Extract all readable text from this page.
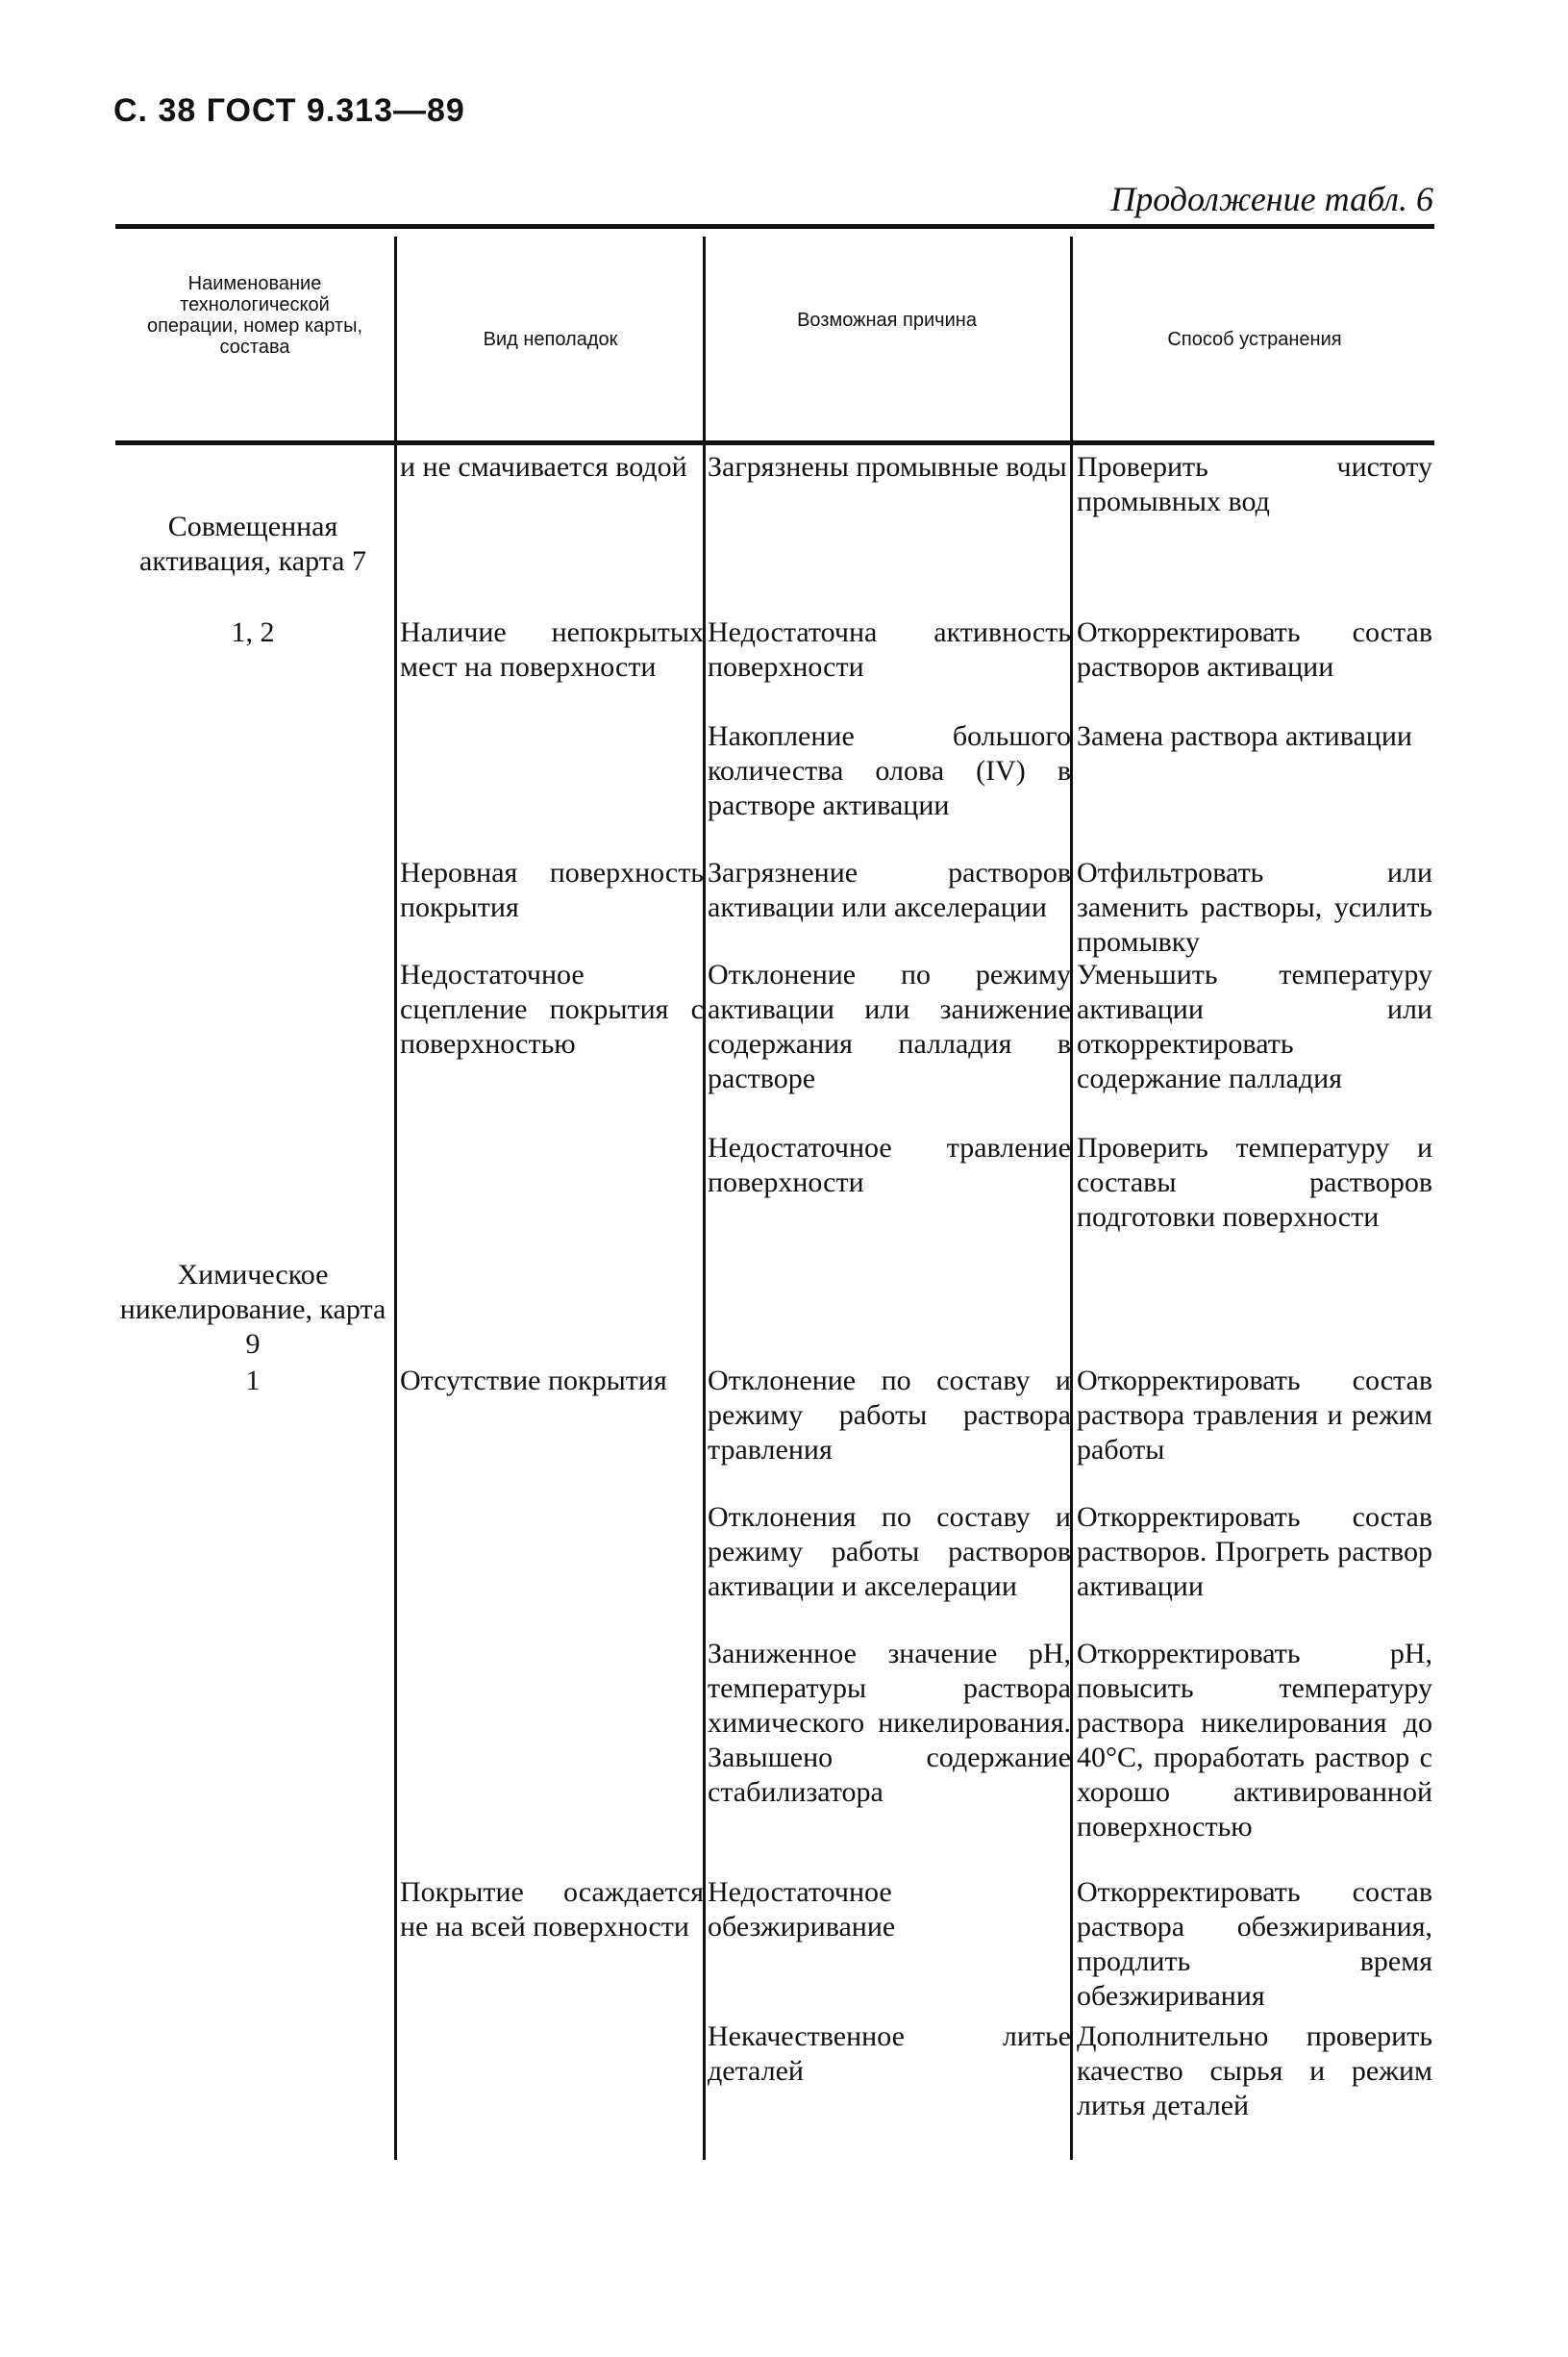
С. 38 ГОСТ 9.313—89
Продолжение табл. 6
Наименование технологической операции, номер карты, состава	Вид неполадок
Возможная причина
Способ устранения
Совмещенная активация, карта 7
1, 2
Химическое никелирование, карта 9
1
и не смачивается водой Загрязнены промывные воды Проверить чистоту промывных вод
Наличие непокрытых мест на поверхности
Недостаточна активность поверхности
Откорректировать состав растворов активации
Накопление большого количества олова (IV) в растворе активации
Замена раствора активации
Неровная поверхность покрытия
Загрязнение растворов активации или акселерации
Отфильтровать или заменить растворы, усилить промывку
Недостаточное сцепление покрытия с поверхностью
Отклонение по режиму активации или занижение содержания палладия в растворе
Уменьшить температуру активации или откорректировать содержание палладия
Недостаточное травление поверхности
Проверить температуру и составы растворов подготовки поверхности
Отсутствие покрытия	Отклонение по составу и режиму работы раствора травления
Откорректировать состав раствора травления и режим работы
Отклонения по составу и режиму работы растворов активации и акселерации
Откорректировать состав растворов. Прогреть раствор активации
Заниженное значение pH, температуры раствора химического никелирования. Завышено содержание стабилизатора
Откорректировать pH, повысить температуру раствора никелирования до 40°С, проработать раствор с хорошо активированной поверхностью
Покрытие осаждается не на всей поверхности
Недостаточное обезжиривание
Откорректировать состав раствора обезжиривания, продлить время обезжиривания
Некачественное литье деталей
Дополнительно проверить качество сырья и режим литья деталей
